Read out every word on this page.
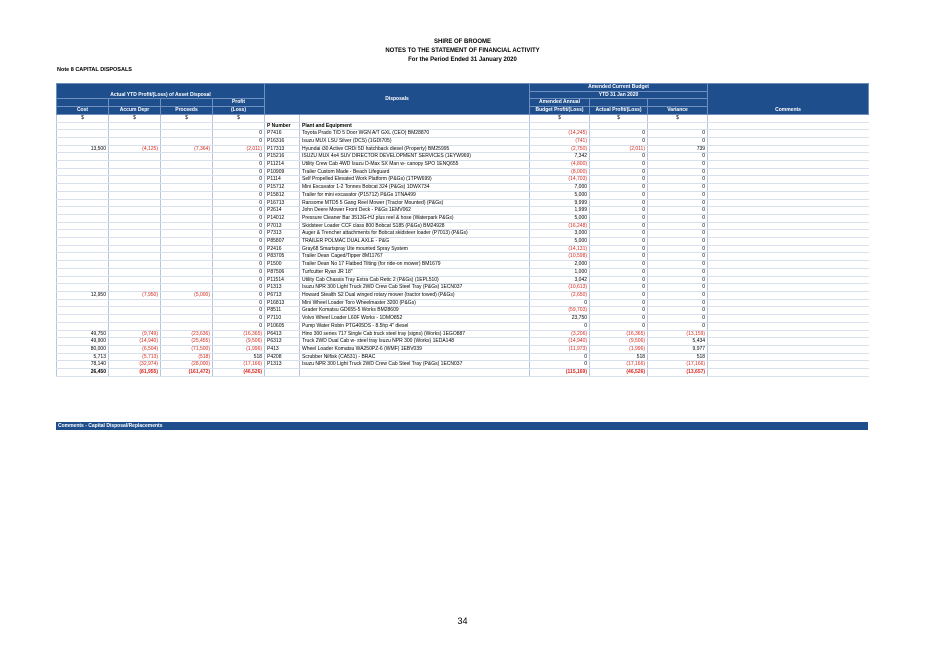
SHIRE OF BROOME
NOTES TO THE STATEMENT OF FINANCIAL ACTIVITY
For the Period Ended 31 January 2020
Note 8 CAPITAL DISPOSALS
Actual YTD Profit/(Loss) of Asset Disposal				Disposals		Amended Current Budget			Comments
						YTD 31 Jan 2020			
			Profit			Amended Annual			
Cost	Accum Depr	Proceeds	(Loss)			Budget Profit/(Loss)	Actual Profit/(Loss)	Variance	
$	$	$	$			$	$	$	
				P Number	Plant and Equipment				
			0	P7416	Toyota Prado T/D 5 Door WGN A/T GXL (CEO) BM28870	(14,245)	0	0	
			0	P16316	Isuzu MUX LSU Silver (DCS) (1GDI705)	(741)	0	0	
13,500	(4,125)	(7,364)	(2,011)	P17313	Hyundai i30 Active CRDi 5D hatchback diesel (Property) BM25995	(2,750)	(2,011)	739	
			0	P15216	ISUZU MUX 4x4 SUV DIRECTOR DEVELOPMENT SERVICES (1EYW969)	7,342	0	0	
			0	P11214	Utility Crew Cab 4WD Isuzu D-Max SX Man w- canopy SPO 1ENQ655	(4,800)	0	0	
			0	P10909	Trailer Custom Made - Beach Lifeguard	(8,000)	0	0	
			0	P1114	Self Propelled Elevated Work Platform (P&Gs) (1TPW699)	(14,703)	0	0	
			0	P15712	Mini Excavator 1-2 Tonnes Bobcat 324 (P&Gs) 1DWX734	7,000	0	0	
			0	P15812	Trailer for mini excavator (P15712) P&Gs 1TNA499	5,000	0	0	
			0	P16713	Ransome MTD5 5 Gang Reel Mower (Tractor Mounted) (P&Gs)	9,999	0	0	
			0	P2614	John Deere Mower Front Deck - P&Gs 1EMV062	1,999	0	0	
			0	P14012	Pressure Cleaner Bar 3513G-HJ plus reel & hose (Waterpark P&Gs)	5,000	0	0	
			0	P7013	Skidsteer Loader CCF class 800 Bobcat S185 (P&Gs) BM24928	(16,248)	0	0	
			0	P7313	Auger & Trencher attachments for Bobcat skidsteer loader (P7013) (P&Gs)	3,000	0	0	
			0	P85807	TRAILER POLMAC DUAL AXLE - P&G	5,000	0	0	
			0	P2416	Gray68 Smartspray Ute mounted Spray System	(14,131)	0	0	
			0	P83705	Trailer Dean Caged/Tipper 8M11767	(10,598)	0	0	
			0	P1500	Trailer Dean No 17 Flatbed Tilting (for ride-on mower) BM1679	2,000	0	0	
			0	P87506	Turfcutter Ryan JR 18"	1,000	0	0	
			0	P11514	Utility Cab Chassis Tray Extra Cab Retic 2 (P&Gs) (1EPL510)	3,042	0	0	
			0	P1313	Isuzu NPR 300 Light Truck 2WD Crew Cab Steel Tray (P&Gs) 1ECN037	(10,613)	0	0	
12,950	(7,950)	(5,000)	0	P6713	Howard Stealth S2 Dual winged rotary mower (tractor towed) (P&Gs)	(2,650)	0	0	
			0	P16813	Mini Wheel Loader Toro Wheelmaster 3200 (P&Gs)	0	0	0	
			0	P8511	Grader Komatsu GD655-5 Works BM28609	(59,703)	0	0	
			0	P7110	Volvo Wheel Loader L60F Works - 1DMO852	23,750	0	0	
			0	P10605	Pump Water Robin PTG405DS - 8.5hp 4" diesel	0	0	0	
49,750	(9,749)	(23,636)	(16,365)	P6413	Hino 300 series 717 Single Cab truck steel tray (signs) (Works) 1EGO887	(3,206)	(16,365)	(13,159)	
49,900	(14,940)	(25,455)	(9,506)	P6313	Truck 2WD Dual Cab w- steel tray Isuzu NPR 300 (Works) 1EDA148	(14,940)	(9,506)	5,434	
80,000	(6,504)	(71,500)	(1,996)	P413	Wheel Loader Komatsu WA250PZ-6 (WMF) 1EBV039	(11,973)	(1,996)	9,977	
5,713	(5,713)	(518)	518	P4208	Scrubber Nilfisk (CA531) - BRAC	0	518	518	
78,140	(32,974)	(28,000)	(17,166)	P1313	Isuzu NPR 300 Light Truck 2WD Crew Cab Steel Tray (P&Gs) 1ECN037	0	(17,166)	(17,166)	
26,450	(81,955)	(161,472)	(46,526)			(115,169)	(46,526)	(13,657)	
Comments - Capital Disposal/Replacements
34
